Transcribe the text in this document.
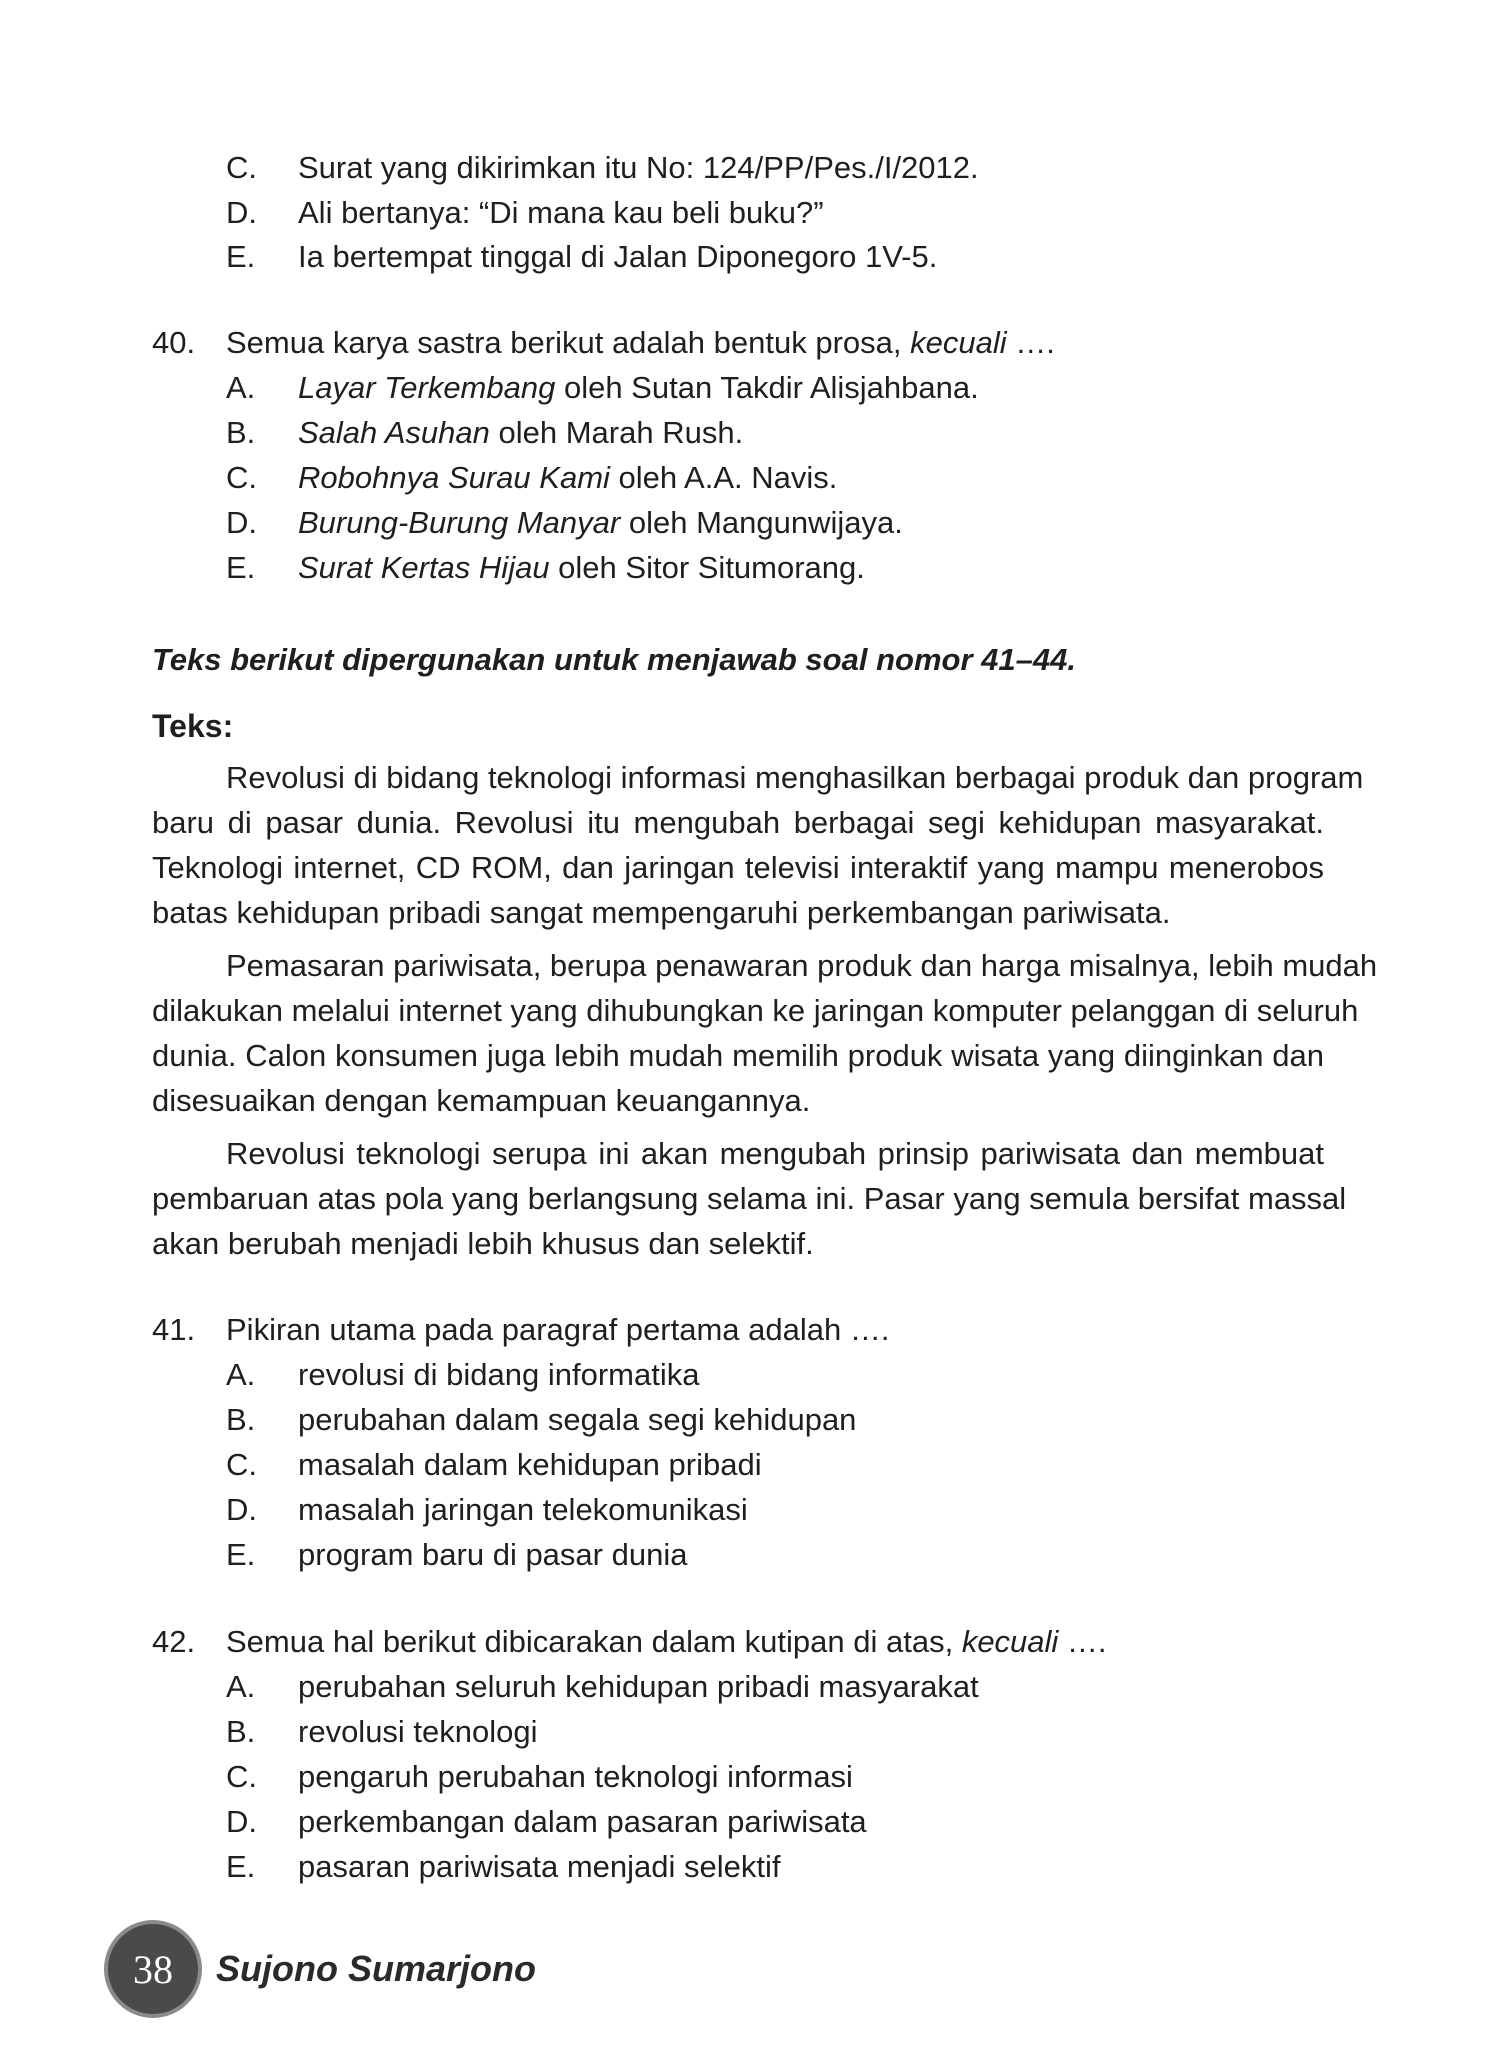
C. Surat yang dikirimkan itu No: 124/PP/Pes./I/2012.
D. Ali bertanya: “Di mana kau beli buku?”
E. Ia bertempat tinggal di Jalan Diponegoro 1V-5.
40. Semua karya sastra berikut adalah bentuk prosa, kecuali ….
A. Layar Terkembang oleh Sutan Takdir Alisjahbana.
B. Salah Asuhan oleh Marah Rush.
C. Robohnya Surau Kami oleh A.A. Navis.
D. Burung-Burung Manyar oleh Mangunwijaya.
E. Surat Kertas Hijau oleh Sitor Situmorang.
Teks berikut dipergunakan untuk menjawab soal nomor 41–44.
Teks:
Revolusi di bidang teknologi informasi menghasilkan berbagai produk dan program
baru di pasar dunia. Revolusi itu mengubah berbagai segi kehidupan masyarakat.
Teknologi internet, CD ROM, dan jaringan televisi interaktif yang mampu menerobos
batas kehidupan pribadi sangat mempengaruhi perkembangan pariwisata.
Pemasaran pariwisata, berupa penawaran produk dan harga misalnya, lebih mudah
dilakukan melalui internet yang dihubungkan ke jaringan komputer pelanggan di seluruh
dunia. Calon konsumen juga lebih mudah memilih produk wisata yang diinginkan dan
disesuaikan dengan kemampuan keuangannya.
Revolusi teknologi serupa ini akan mengubah prinsip pariwisata dan membuat
pembaruan atas pola yang berlangsung selama ini. Pasar yang semula bersifat massal
akan berubah menjadi lebih khusus dan selektif.
41. Pikiran utama pada paragraf pertama adalah ….
A. revolusi di bidang informatika
B. perubahan dalam segala segi kehidupan
C. masalah dalam kehidupan pribadi
D. masalah jaringan telekomunikasi
E. program baru di pasar dunia
42. Semua hal berikut dibicarakan dalam kutipan di atas, kecuali ….
A. perubahan seluruh kehidupan pribadi masyarakat
B. revolusi teknologi
C. pengaruh perubahan teknologi informasi
D. perkembangan dalam pasaran pariwisata
E. pasaran pariwisata menjadi selektif
38 Sujono Sumarjono
